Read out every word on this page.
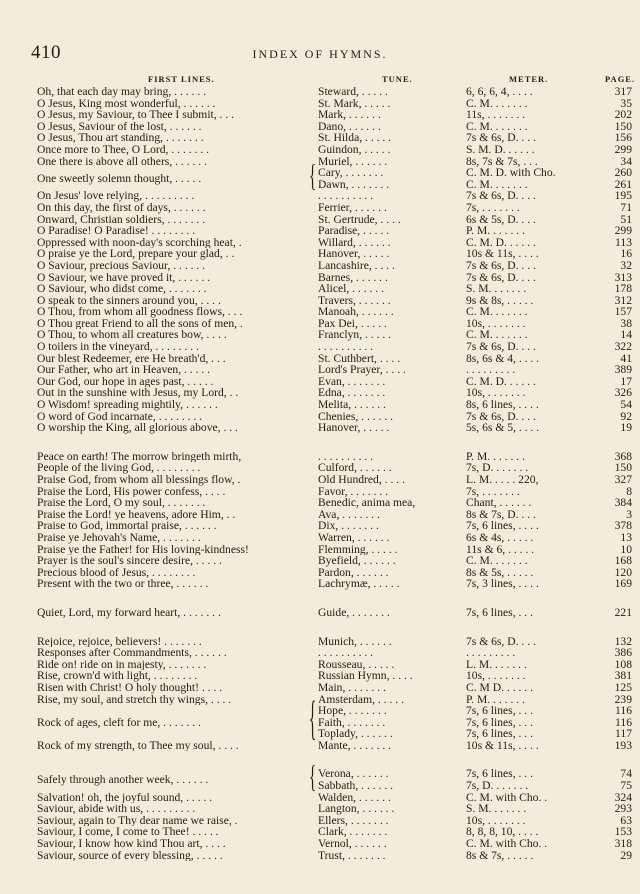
410	INDEX OF HYMNS.
FIRST LINES.	TUNE.	METER.	PAGE.
Oh, that each day may bring, . . . . . .	Steward, . . . . .	6, 6, 6, 4, . . . .	317
O Jesus, King most wonderful, . . . . . .	St. Mark, . . . . .	C. M. . . . . . .	35
O Jesus, my Saviour, to Thee I submit, . . .	Mark, . . . . . .	11s, . . . . . . .	202
O Jesus, Saviour of the lost, . . . . . .	Dano, . . . . . .	C. M. . . . . . .	150
O Jesus, Thou art standing, . . . . . . .	St. Hilda, . . . . .	7s & 6s, D. . . .	156
Once more to Thee, O Lord, . . . . . . .	Guindon, . . . . .	S. M. D. . . . . .	299
One there is above all others, . . . . . .	Muriel, . . . . . .	8s, 7s & 7s, . . .	34
One sweetly solemn thought, . . . . .	{ Cary, . . . . . . .	C. M. D. with Cho.	260
Dawn, . . . . . . .	C. M. . . . . . .	261
On Jesus' love relying, . . . . . . . . .	. . . . . . . . . .	7s & 6s, D. . . .	195
On this day, the first of days, . . . . . .	Ferrier, . . . . . .	7s, . . . . . . .	71
Onward, Christian soldiers, . . . . . . .	St. Gertrude, . . . .	6s & 5s, D. . . .	51
O Paradise! O Paradise! . . . . . . . .	Paradise, . . . . .	P. M. . . . . . .	299
Oppressed with noon-day's scorching heat, .	Willard, . . . . . .	C. M. D. . . . . .	113
O praise ye the Lord, prepare your glad, . .	Hanover, . . . . .	10s & 11s, . . . .	16
O Saviour, precious Saviour, . . . . . .	Lancashire, . . . .	7s & 6s, D. . . .	32
O Saviour, we have proved it, . . . . . .	Barnes, . . . . . .	7s & 6s, D. . . .	313
O Saviour, who didst come, . . . . . . .	Alicel, . . . . . .	S. M. . . . . . .	178
O speak to the sinners around you, . . . .	Travers, . . . . . .	9s & 8s, . . . . .	312
O Thou, from whom all goodness flows, . . .	Manoah, . . . . . .	C. M. . . . . . .	157
O Thou great Friend to all the sons of men, .	Pax Dei, . . . . .	10s, . . . . . . .	38
O Thou, to whom all creatures bow, . . . .	Franclyn, . . . . .	C. M. . . . . . .	14
O toilers in the vineyard, . . . . . . . .	. . . . . . . . . .	7s & 6s, D. . . .	322
Our blest Redeemer, ere He breath'd, . . .	St. Cuthbert, . . . .	8s, 6s & 4, . . . .	41
Our Father, who art in Heaven, . . . . .	Lord's Prayer, . . . .	. . . . . . . . .	389
Our God, our hope in ages past, . . . . .	Evan, . . . . . . .	C. M. D. . . . . .	17
Out in the sunshine with Jesus, my Lord, . .	Edna, . . . . . . .	10s, . . . . . . .	326
O Wisdom! spreading mightily, . . . . . .	Melita, . . . . . .	8s, 6 lines, . . . .	54
O word of God incarnate, . . . . . . . .	Chenies, . . . . . .	7s & 6s, D. . . .	92
O worship the King, all glorious above, . . .	Hanover, . . . . .	5s, 6s & 5, . . . .	19
Peace on earth! The morrow bringeth mirth,	. . . . . . . . . .	P. M. . . . . . .	368
People of the living God, . . . . . . . .	Culford, . . . . . .	7s, D. . . . . . .	150
Praise God, from whom all blessings flow, .	Old Hundred, . . . .	L. M. . . . . 220,	327
Praise the Lord, His power confess, . . . .	Favor, . . . . . . .	7s, . . . . . . .	8
Praise the Lord, O my soul, . . . . . . .	Benedic, anima mea,	Chant, . . . . . .	384
Praise the Lord! ye heavens, adore Him, . .	Ava, . . . . . . .	8s & 7s, D. . . .	3
Praise to God, immortal praise, . . . . . .	Dix, . . . . . . .	7s, 6 lines, . . . .	378
Praise ye Jehovah's Name, . . . . . . .	Warren, . . . . . .	6s & 4s, . . . . .	13
Praise ye the Father! for His loving-kindness!	Flemming, . . . . .	11s & 6, . . . . .	10
Prayer is the soul's sincere desire, . . . . .	Byefield, . . . . . .	C. M. . . . . . .	168
Precious blood of Jesus, . . . . . . . .	Pardon, . . . . . .	8s & 5s, . . . . .	120
Present with the two or three, . . . . . .	Lachrymæ, . . . . .	7s, 3 lines, . . . .	169
Quiet, Lord, my forward heart, . . . . . . .	Guide, . . . . . . .	7s, 6 lines, . . .	221
Rejoice, rejoice, believers! . . . . . . .	Munich, . . . . . .	7s & 6s, D. . . .	132
Responses after Commandments, . . . . . .	. . . . . . . . . .	. . . . . . . . .	386
Ride on! ride on in majesty, . . . . . . .	Rousseau, . . . . .	L. M. . . . . . .	108
Rise, crown'd with light, . . . . . . . .	Russian Hymn, . . . .	10s, . . . . . . .	381
Risen with Christ! O holy thought! . . . .	Main, . . . . . . .	C. M D. . . . . .	125
Rise, my soul, and stretch thy wings, . . . .	Amsterdam, . . . . .	P. M. . . . . . .	239
{ Hope, . . . . . . .	7s, 6 lines, . . .	116
Rock of ages, cleft for me, . . . . . . .	Faith, . . . . . . .	7s, 6 lines, . . .	116
Toplady, . . . . . .	7s, 6 lines, . . .	117
Rock of my strength, to Thee my soul, . . . .	Mante, . . . . . . .	10s & 11s, . . . .	193
Safely through another week, . . . . . .	{ Verona, . . . . . .	7s, 6 lines, . . .	74
Sabbath, . . . . . .	7s, D. . . . . . .	75
Salvation! oh, the joyful sound, . . . . .	Walden, . . . . . .	C. M. with Cho. .	324
Saviour, abide with us, . . . . . . . . .	Langton, . . . . . .	S. M. . . . . . .	293
Saviour, again to Thy dear name we raise, .	Ellers, . . . . . . .	10s, . . . . . . .	63
Saviour, I come, I come to Thee! . . . . .	Clark, . . . . . . .	8, 8, 8, 10, . . . .	153
Saviour, I know how kind Thou art, . . . .	Vernol, . . . . . .	C. M. with Cho. .	318
Saviour, source of every blessing, . . . . .	Trust, . . . . . . .	8s & 7s, . . . . .	29
